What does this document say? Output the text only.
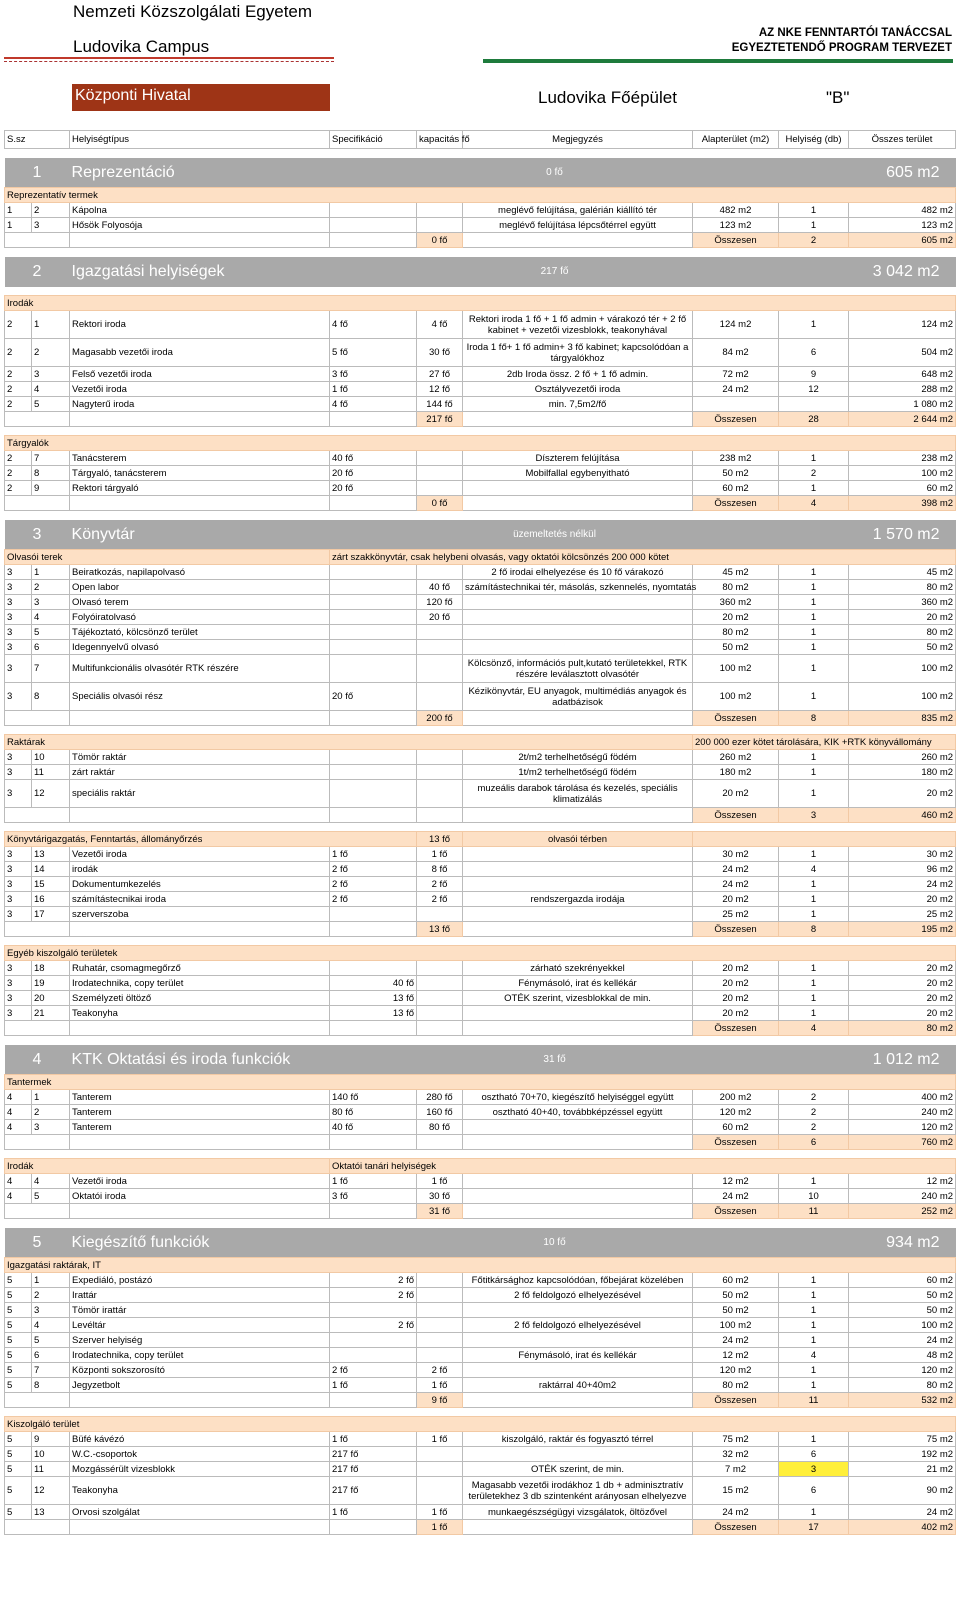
Nemzeti Közszolgálati Egyetem
Ludovika Campus
AZ NKE FENNTARTÓI TANÁCCSAL
EGYEZTETENDŐ PROGRAM TERVEZET
Központi Hivatal	Ludovika Főépület	"B"
S.sz		Helyiségtípus	Specifikáció	kapacitás fő	Megjegyzés	Alapterület (m2)	Helyiség (db)	Összes terület

1		Reprezentáció		0 fő				605 m2
Reprezentatív termek								
1	2	Kápolna			meglévő felújítása, galérián kiállító tér	482 m2	1	482 m2
1	3	Hősök Folyosója			meglévő felújítása lépcsőtérrel együtt	123 m2	1	123 m2
				0 fő		Összesen	2	605 m2

2		Igazgatási helyiségek		217 fő				3 042 m2

Irodák								
2	1	Rektori iroda	4 fő	4 fő	Rektori iroda 1 fő + 1 fő admin + várakozó tér + 2 fő kabinet + vezetői vizesblokk, teakonyhával	124 m2	1	124 m2
2	2	Magasabb vezetői iroda	5 fő	30 fő	Iroda 1 fő+ 1 fő admin+ 3 fő kabinet; kapcsolódóan a tárgyalókhoz	84 m2	6	504 m2
2	3	Felső vezetői iroda	3 fő	27 fő	2db Iroda össz. 2 fő + 1 fő admin.	72 m2	9	648 m2
2	4	Vezetői iroda	1 fő	12 fő	Osztályvezetői iroda	24 m2	12	288 m2
2	5	Nagyterű iroda	4 fő	144 fő	min. 7,5m2/fő			1 080 m2
				217 fő		Összesen	28	2 644 m2

Tárgyalók								
2	7	Tanácsterem	40 fő		Díszterem felújítása	238 m2	1	238 m2
2	8	Tárgyaló, tanácsterem	20 fő		Mobilfallal egybenyitható	50 m2	2	100 m2
2	9	Rektori tárgyaló	20 fő			60 m2	1	60 m2
				0 fő		Összesen	4	398 m2

3		Könyvtár		üzemeltetés nélkül				1 570 m2
Olvasói terek			zárt szakkönyvtár, csak helybeni olvasás, vagy oktatói kölcsönzés 200 000 kötet					
3	1	Beiratkozás, napilapolvasó			2 fő irodai elhelyezése és 10 fő várakozó	45 m2	1	45 m2
3	2	Open labor		40 fő	számítástechnikai tér, másolás, szkennelés, nyomtatás	80 m2	1	80 m2
3	3	Olvasó terem		120 fő		360 m2	1	360 m2
3	4	Folyóiratolvasó		20 fő		20 m2	1	20 m2
3	5	Tájékoztató, kölcsönző terület				80 m2	1	80 m2
3	6	Idegennyelvű olvasó				50 m2	1	50 m2
3	7	Multifunkcionális olvasótér RTK részére			Kölcsönző, információs pult,kutató területekkel, RTK részére leválasztott olvasótér	100 m2	1	100 m2
3	8	Speciális olvasói rész	20 fő		Kézikönyvtár, EU anyagok, multimédiás anyagok és adatbázisok	100 m2	1	100 m2
				200 fő		Összesen	8	835 m2

Raktárak						200 000 ezer kötet tárolására, KIK +RTK könyvállomány		
3	10	Tömör raktár			2t/m2 terhelhetőségű födém	260 m2	1	260 m2
3	11	zárt raktár			1t/m2 terhelhetőségű födém	180 m2	1	180 m2
3	12	speciális raktár			muzeális darabok tárolása és kezelés, speciális klimatizálás	20 m2	1	20 m2
						Összesen	3	460 m2

Könyvtárigazgatás, Fenntartás, állományőrzés				13 fő	olvasói térben			
3	13	Vezetői iroda	1 fő	1 fő		30 m2	1	30 m2
3	14	irodák	2 fő	8 fő		24 m2	4	96 m2
3	15	Dokumentumkezelés	2 fő	2 fő		24 m2	1	24 m2
3	16	számítástecnikai iroda	2 fő	2 fő	rendszergazda irodája	20 m2	1	20 m2
3	17	szerverszoba				25 m2	1	25 m2
				13 fő		Összesen	8	195 m2

Egyéb kiszolgáló területek								
3	18	Ruhatár, csomagmegőrző			zárható szekrényekkel	20 m2	1	20 m2
3	19	Irodatechnika, copy terület	40 fő		Fénymásoló, irat és kellékár	20 m2	1	20 m2
3	20	Személyzeti öltöző	13 fő		OTÉK szerint, vizesblokkal de min.	20 m2	1	20 m2
3	21	Teakonyha	13 fő			20 m2	1	20 m2
						Összesen	4	80 m2

4		KTK Oktatási és iroda funkciók		31 fő				1 012 m2
Tantermek								
4	1	Tanterem	140 fő	280 fő	osztható 70+70, kiegészítő helyiséggel együtt	200 m2	2	400 m2
4	2	Tanterem	80 fő	160 fő	osztható 40+40, továbbképzéssel együtt	120 m2	2	240 m2
4	3	Tanterem	40 fő	80 fő		60 m2	2	120 m2
						Összesen	6	760 m2

Irodák			Oktatói tanári helyiségek					
4	4	Vezetői iroda	1 fő	1 fő		12 m2	1	12 m2
4	5	Oktatói iroda	3 fő	30 fő		24 m2	10	240 m2
				31 fő		Összesen	11	252 m2

5		Kiegészítő funkciók		10 fő				934 m2
Igazgatási raktárak, IT								
5	1	Expediáló, postázó	2 fő		Főtitkársághoz kapcsolódóan, főbejárat közelében	60 m2	1	60 m2
5	2	Irattár	2 fő		2 fő feldolgozó elhelyezésével	50 m2	1	50 m2
5	3	Tömör irattár				50 m2	1	50 m2
5	4	Levéltár	2 fő		2 fő feldolgozó elhelyezésével	100 m2	1	100 m2
5	5	Szerver helyiség				24 m2	1	24 m2
5	6	Irodatechnika, copy terület			Fénymásoló, irat és kellékár	12 m2	4	48 m2
5	7	Központi sokszorosító	2 fő	2 fő		120 m2	1	120 m2
5	8	Jegyzetbolt	1 fő	1 fő	raktárral 40+40m2	80 m2	1	80 m2
				9 fő		Összesen	11	532 m2

Kiszolgáló terület								
5	9	Büfé kávézó	1 fő	1 fő	kiszolgáló, raktár és fogyasztó térrel	75 m2	1	75 m2
5	10	W.C.-csoportok	217 fő			32 m2	6	192 m2
5	11	Mozgássérült vizesblokk	217 fő		OTÉK szerint, de min.	7 m2	3	21 m2
5	12	Teakonyha	217 fő		Magasabb vezetői irodákhoz 1 db + adminisztratív területekhez 3 db szintenként arányosan elhelyezve	15 m2	6	90 m2
5	13	Orvosi szolgálat	1 fő	1 fő	munkaegészségügyi vizsgálatok, öltözővel	24 m2	1	24 m2
				1 fő		Összesen	17	402 m2
